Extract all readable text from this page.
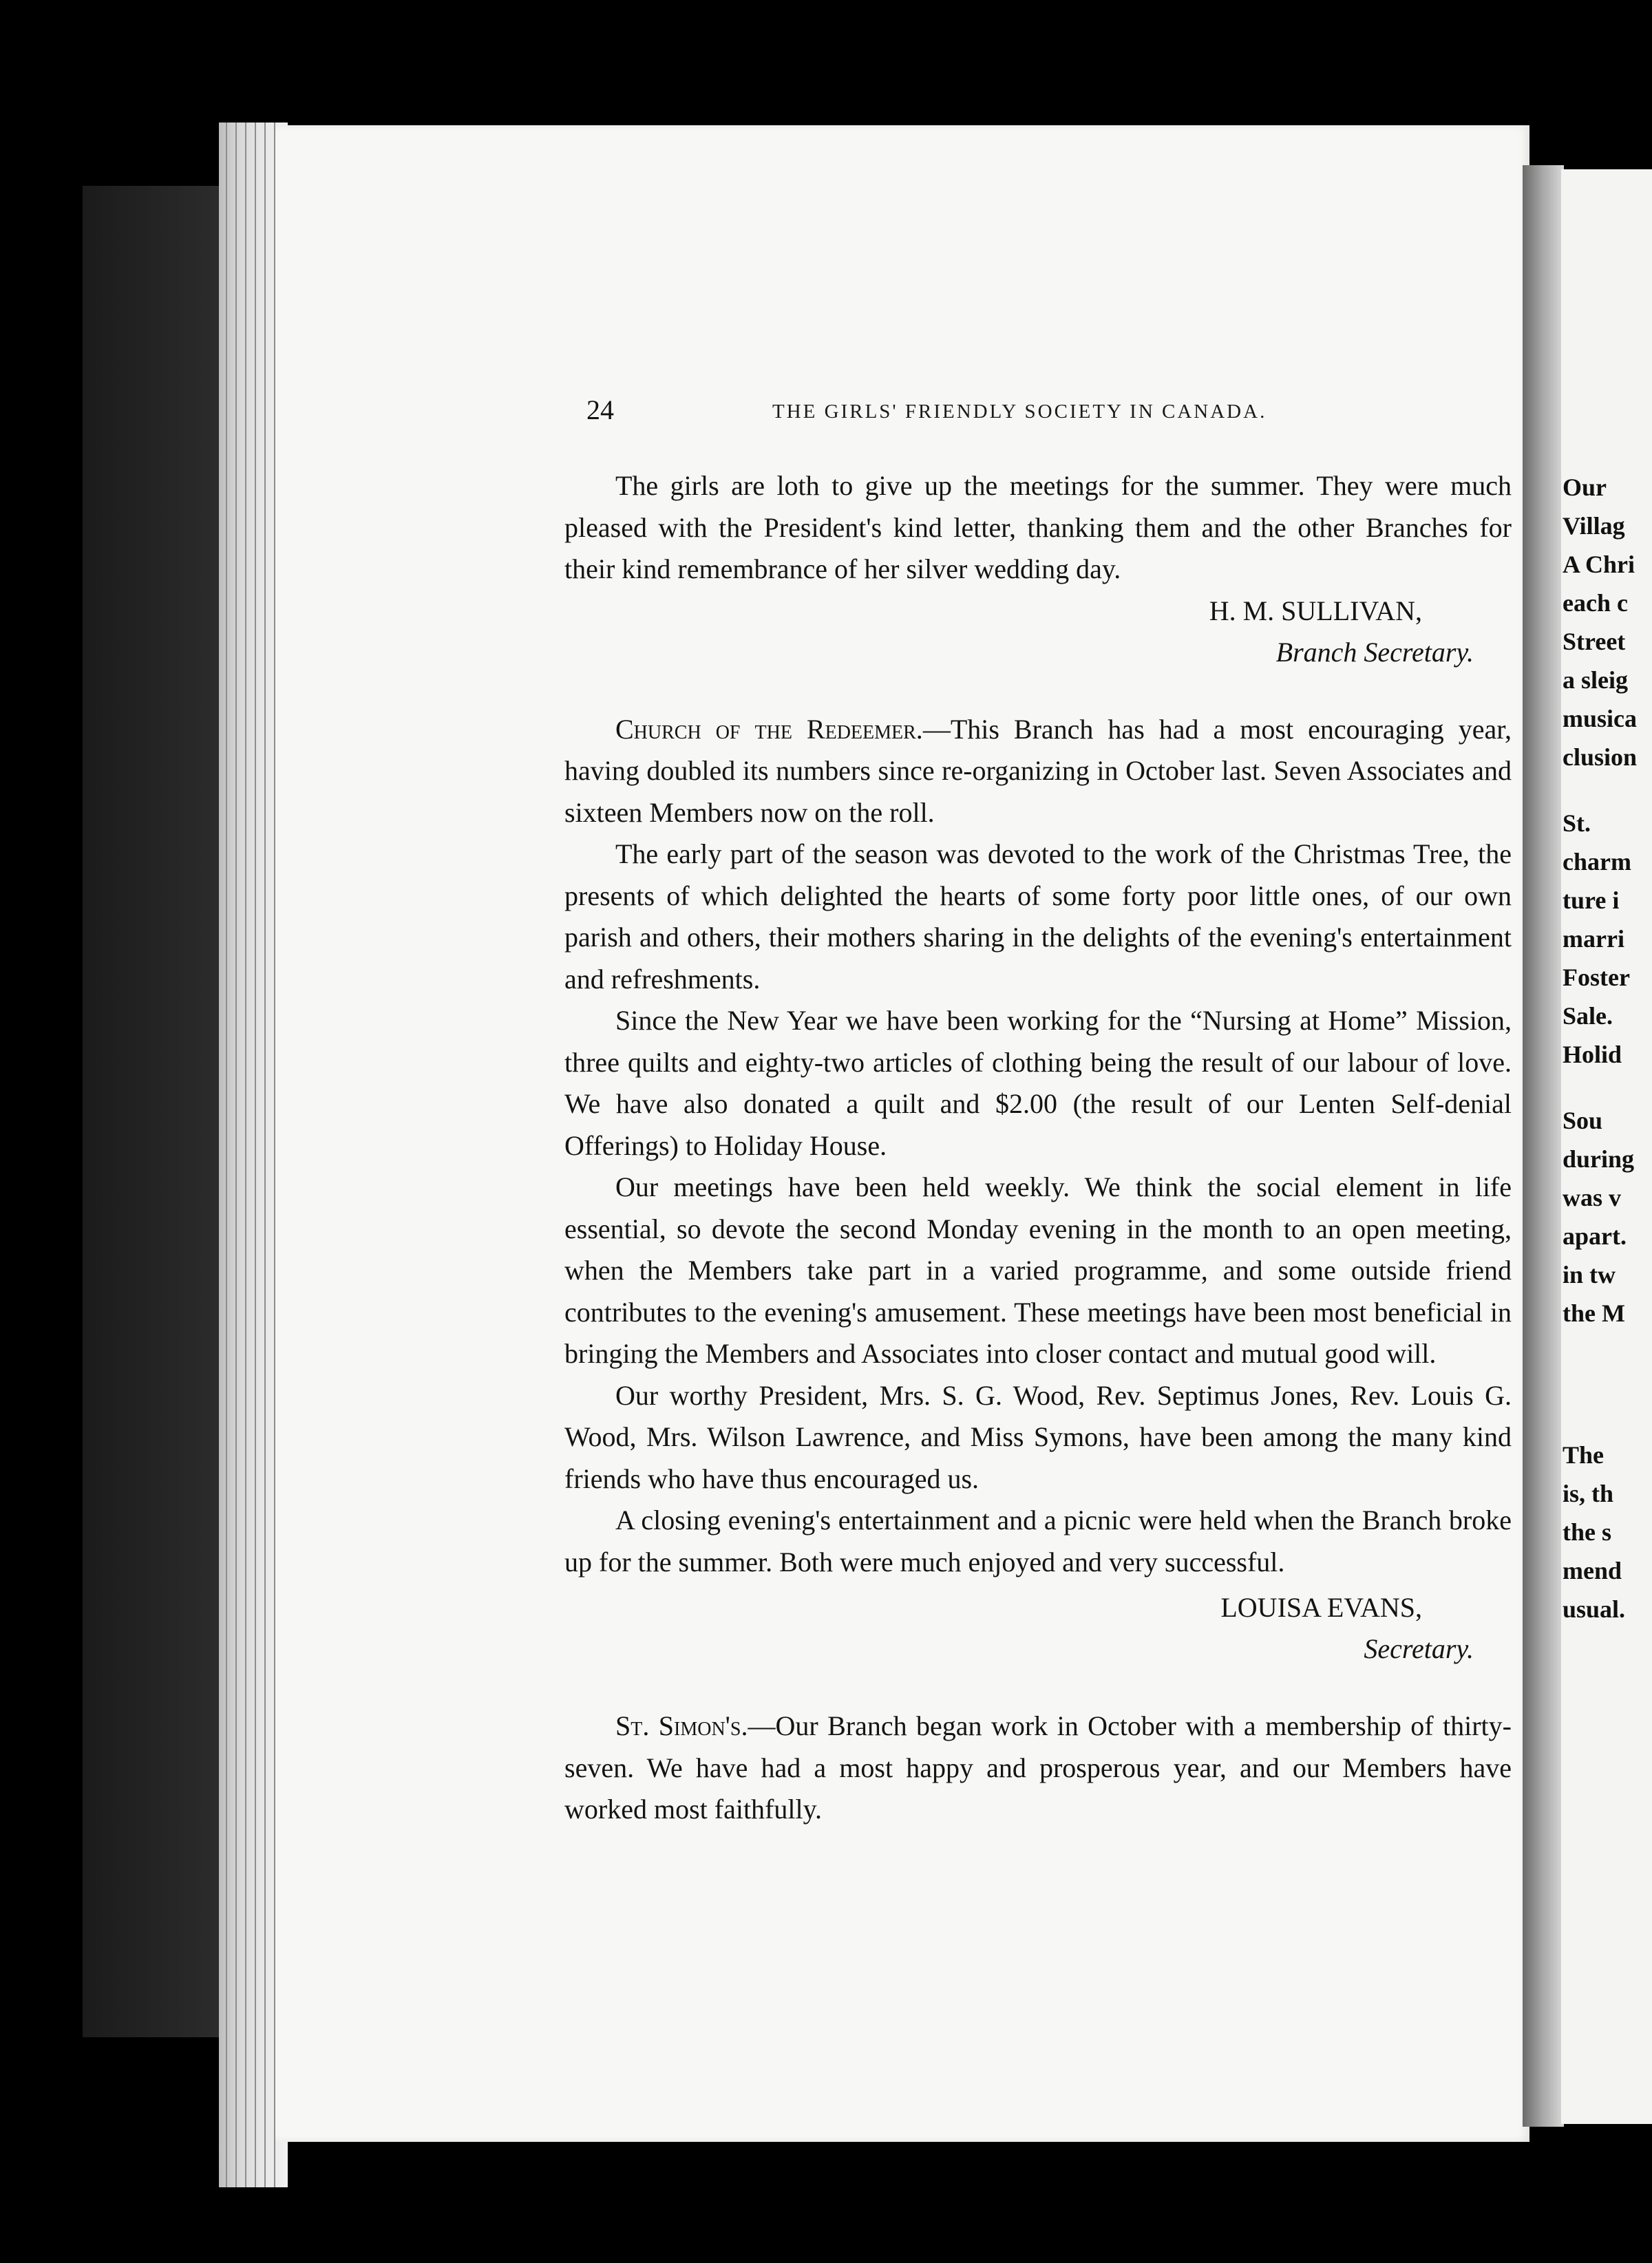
Our
Villag
A Chri
each c
Street
a sleig
musica
clusion
St.
charm
ture i
marri
Foster
Sale.
Holid
Sou
during
was v
apart.
in tw
the M
The
is, th
the s
mend
usual.
24	THE GIRLS' FRIENDLY SOCIETY IN CANADA.

The girls are loth to give up the meetings for the summer. They were much pleased with the President's kind letter, thanking them and the other Branches for their kind remembrance of her silver wedding day.

H. M. SULLIVAN,
Branch Secretary.

Church of the Redeemer.—This Branch has had a most encouraging year, having doubled its numbers since re-organizing in October last. Seven Associates and sixteen Members now on the roll.

The early part of the season was devoted to the work of the Christmas Tree, the presents of which delighted the hearts of some forty poor little ones, of our own parish and others, their mothers sharing in the delights of the evening's entertainment and refreshments.

Since the New Year we have been working for the “Nursing at Home” Mission, three quilts and eighty-two articles of clothing being the result of our labour of love. We have also donated a quilt and $2.00 (the result of our Lenten Self-denial Offerings) to Holiday House.

Our meetings have been held weekly. We think the social element in life essential, so devote the second Monday evening in the month to an open meeting, when the Members take part in a varied programme, and some outside friend contributes to the evening's amusement. These meetings have been most beneficial in bringing the Members and Associates into closer contact and mutual good will.

Our worthy President, Mrs. S. G. Wood, Rev. Septimus Jones, Rev. Louis G. Wood, Mrs. Wilson Lawrence, and Miss Symons, have been among the many kind friends who have thus encouraged us.

A closing evening's entertainment and a picnic were held when the Branch broke up for the summer. Both were much enjoyed and very successful.

LOUISA EVANS,
Secretary.

St. Simon's.—Our Branch began work in October with a membership of thirty-seven. We have had a most happy and prosperous year, and our Members have worked most faithfully.
